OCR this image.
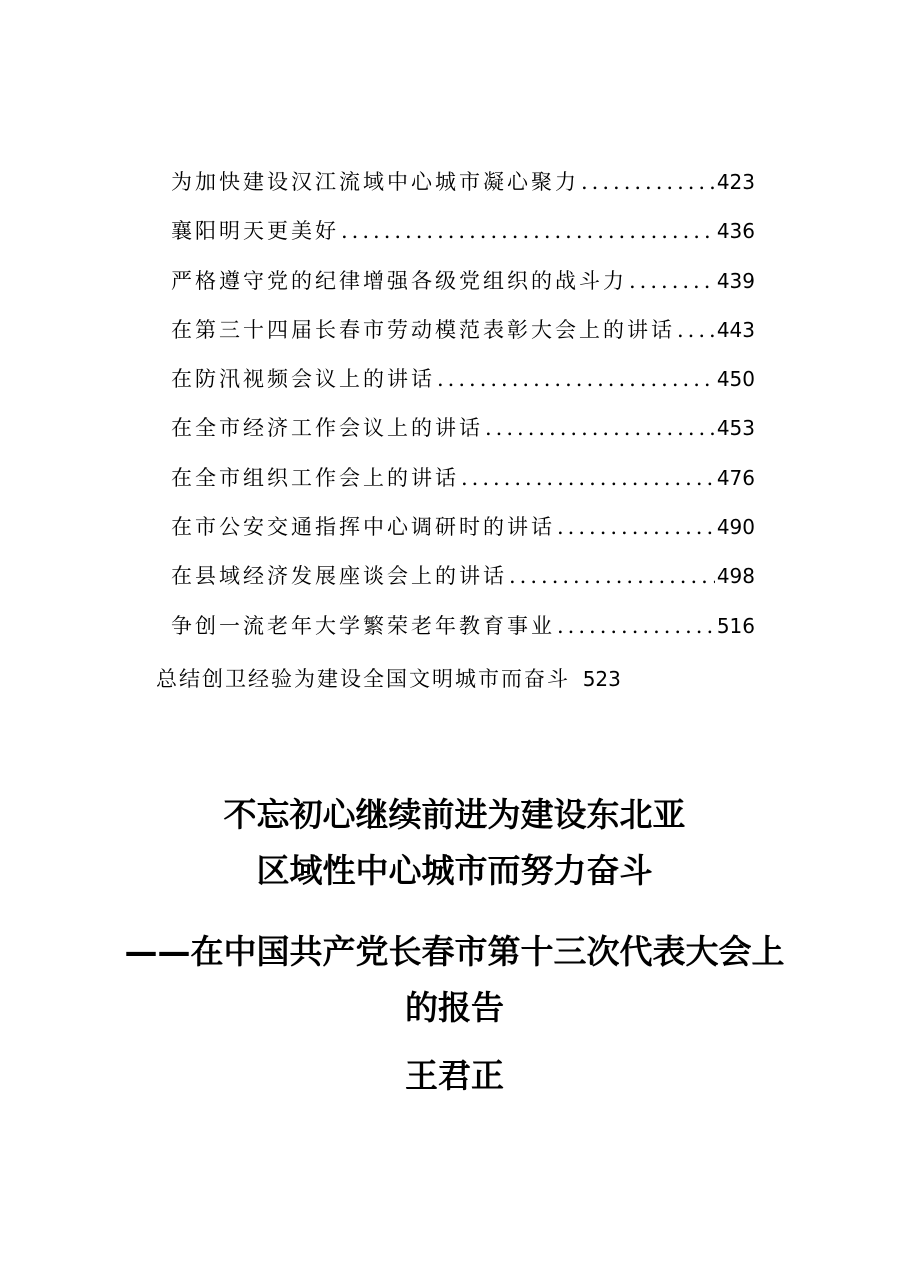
为加快建设汉江流域中心城市凝心聚力 .....	423
襄阳明天更美好 .....	436
严格遵守党的纪律增强各级党组织的战斗力 .....	439
在第三十四届长春市劳动模范表彰大会上的讲话 ..... 443
在防汛视频会议上的讲话 .....	450
在全市经济工作会议上的讲话 .....	453
在全市组织工作会上的讲话 .....	476
在市公安交通指挥中心调研时的讲话 .....	490
在县域经济发展座谈会上的讲话 .....	498
争创一流老年大学繁荣老年教育事业 .....	516
总结创卫经验为建设全国文明城市而奋斗 523
不忘初心继续前进为建设东北亚
区域性中心城市而努力奋斗
——在中国共产党长春市第十三次代表大会上
的报告
王君正
